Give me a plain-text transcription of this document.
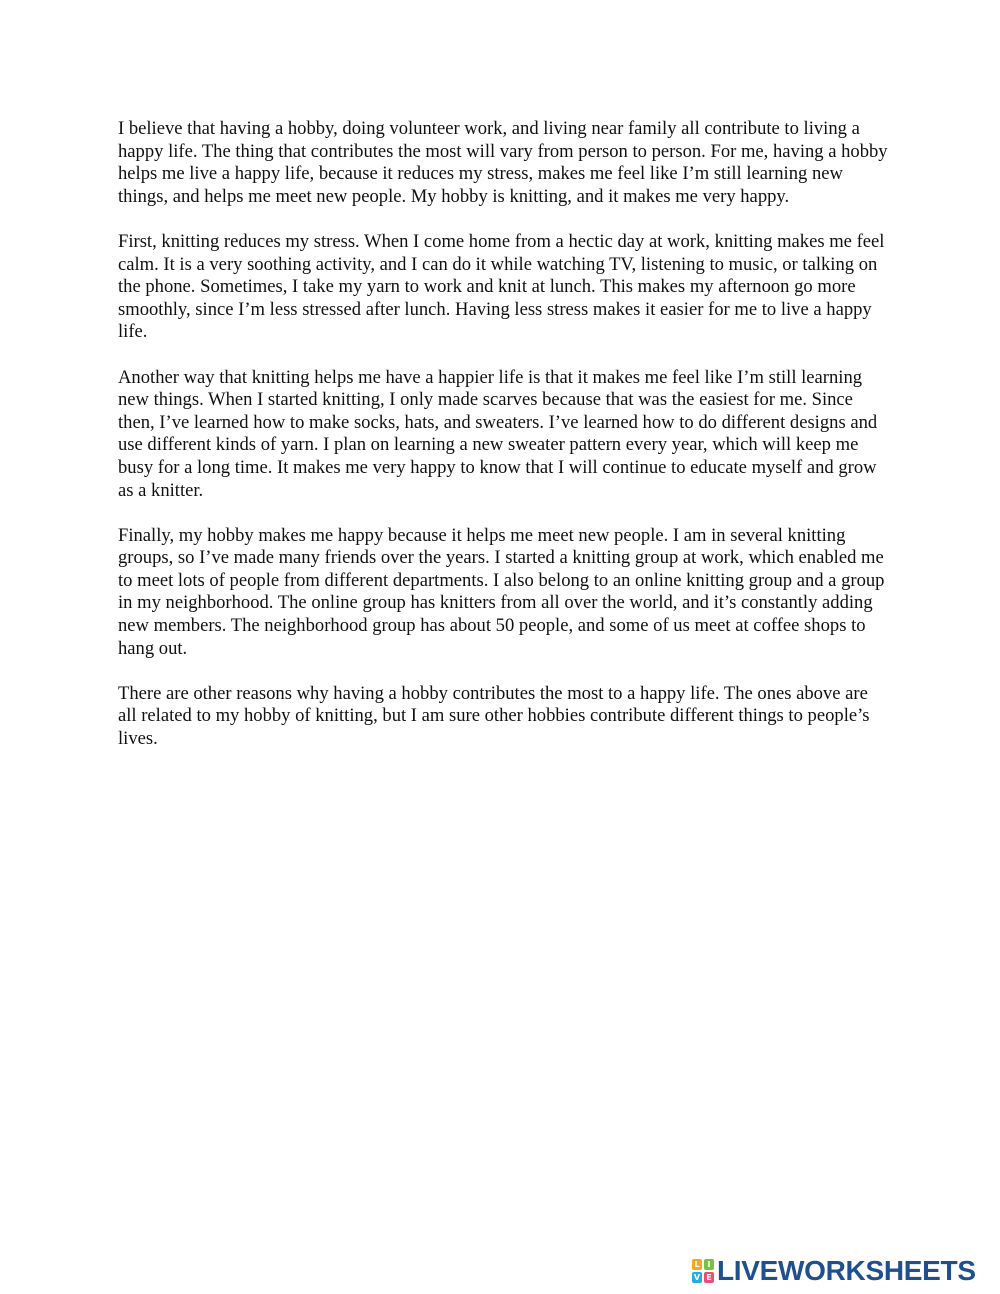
I believe that having a hobby, doing volunteer work, and living near family all contribute to living a happy life. The thing that contributes the most will vary from person to person. For me, having a hobby helps me live a happy life, because it reduces my stress, makes me feel like I’m still learning new things, and helps me meet new people. My hobby is knitting, and it makes me very happy.

First, knitting reduces my stress. When I come home from a hectic day at work, knitting makes me feel calm. It is a very soothing activity, and I can do it while watching TV, listening to music, or talking on the phone. Sometimes, I take my yarn to work and knit at lunch. This makes my afternoon go more smoothly, since I’m less stressed after lunch. Having less stress makes it easier for me to live a happy life.

Another way that knitting helps me have a happier life is that it makes me feel like I’m still learning new things. When I started knitting, I only made scarves because that was the easiest for me. Since then, I’ve learned how to make socks, hats, and sweaters. I’ve learned how to do different designs and use different kinds of yarn. I plan on learning a new sweater pattern every year, which will keep me busy for a long time. It makes me very happy to know that I will continue to educate myself and grow as a knitter.

Finally, my hobby makes me happy because it helps me meet new people. I am in several knitting groups, so I’ve made many friends over the years. I started a knitting group at work, which enabled me to meet lots of people from different departments. I also belong to an online knitting group and a group in my neighborhood. The online group has knitters from all over the world, and it’s constantly adding new members. The neighborhood group has about 50 people, and some of us meet at coffee shops to hang out.

There are other reasons why having a hobby contributes the most to a happy life. The ones above are all related to my hobby of knitting, but I am sure other hobbies contribute different things to people’s lives.

L I
V E LIVEWORKSHEETS
